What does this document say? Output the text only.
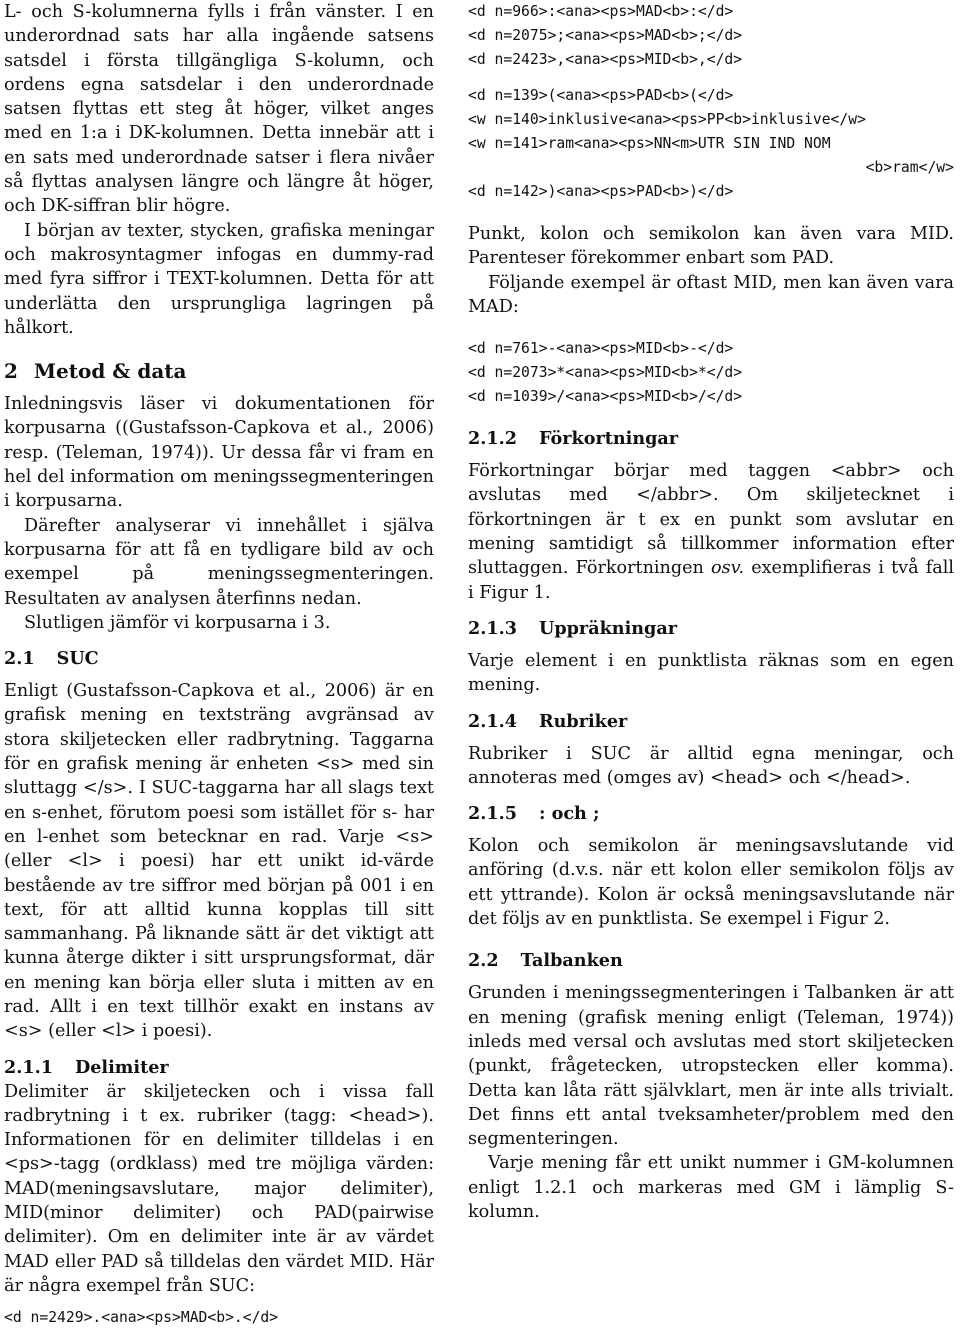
L- och S-kolumnerna fylls i från vänster. I en underordnad sats har alla ingående satsens satsdel i första tillgängliga S-kolumn, och ordens egna satsdelar i den underordnade satsen flyttas ett steg åt höger, vilket anges med en 1:a i DK-kolumnen. Detta innebär att i en sats med underordnade satser i flera nivåer så flyttas analysen längre och längre åt höger, och DK-siffran blir högre.

I början av texter, stycken, grafiska meningar och makrosyntagmer infogas en dummy-rad med fyra siffror i TEXT-kolumnen. Detta för att underlätta den ursprungliga lagringen på hålkort.

2 Metod & data

Inledningsvis läser vi dokumentationen för korpusarna ((Gustafsson-Capkova et al., 2006) resp. (Teleman, 1974)). Ur dessa får vi fram en hel del information om meningssegmenteringen i korpusarna.

Därefter analyserar vi innehållet i själva korpusarna för att få en tydligare bild av och exempel på meningssegmenteringen. Resultaten av analysen återfinns nedan.

Slutligen jämför vi korpusarna i 3.

2.1 SUC

Enligt (Gustafsson-Capkova et al., 2006) är en grafisk mening en textsträng avgränsad av stora skiljetecken eller radbrytning. Taggarna för en grafisk mening är enheten <s> med sin sluttagg </s>. I SUC-taggarna har all slags text en s-enhet, förutom poesi som istället för s- har en l-enhet som betecknar en rad. Varje <s> (eller <l> i poesi) har ett unikt id-värde bestående av tre siffror med början på 001 i en text, för att alltid kunna kopplas till sitt sammanhang. På liknande sätt är det viktigt att kunna återge dikter i sitt ursprungsformat, där en mening kan börja eller sluta i mitten av en rad. Allt i en text tillhör exakt en instans av <s> (eller <l> i poesi).

2.1.1 Delimiter

Delimiter är skiljetecken och i vissa fall radbrytning i t ex. rubriker (tagg: <head>). Informationen för en delimiter tilldelas i en <ps>-tagg (ordklass) med tre möjliga värden: MAD(meningsavslutare, major delimiter), MID(minor delimiter) och PAD(pairwise delimiter). Om en delimiter inte är av värdet MAD eller PAD så tilldelas den värdet MID. Här är några exempel från SUC:

<d n=2429>.<ana><ps>MAD<b>.</d>
<d n=966>:<ana><ps>MAD<b>:</d>
<d n=2075>;<ana><ps>MAD<b>;</d>
<d n=2423>,<ana><ps>MID<b>,</d>
<d n=139>(<ana><ps>PAD<b>(</d>
<w n=140>inklusive<ana><ps>PP<b>inklusive</w>
<w n=141>ram<ana><ps>NN<m>UTR SIN IND NOM
<b>ram</w>
<d n=142>)<ana><ps>PAD<b>)</d>

Punkt, kolon och semikolon kan även vara MID. Parenteser förekommer enbart som PAD.

Följande exempel är oftast MID, men kan även vara MAD:

<d n=761>-<ana><ps>MID<b>-</d>
<d n=2073>*<ana><ps>MID<b>*</d>
<d n=1039>/<ana><ps>MID<b>/</d>
2.1.2 Förkortningar

Förkortningar börjar med taggen <abbr> och avslutas med </abbr>. Om skiljetecknet i förkortningen är t ex en punkt som avslutar en mening samtidigt så tillkommer information efter sluttaggen. Förkortningen osv. exemplifieras i två fall i Figur 1.

2.1.3 Uppräkningar

Varje element i en punktlista räknas som en egen mening.

2.1.4 Rubriker

Rubriker i SUC är alltid egna meningar, och annoteras med (omges av) <head> och </head>.

2.1.5 : och ;

Kolon och semikolon är meningsavslutande vid anföring (d.v.s. när ett kolon eller semikolon följs av ett yttrande). Kolon är också meningsavslutande när det följs av en punktlista. Se exempel i Figur 2.

2.2 Talbanken

Grunden i meningssegmenteringen i Talbanken är att en mening (grafisk mening enligt (Teleman, 1974)) inleds med versal och avslutas med stort skiljetecken (punkt, frågetecken, utropstecken eller komma). Detta kan låta rätt självklart, men är inte alls trivialt. Det finns ett antal tveksamheter/problem med den segmenteringen.

Varje mening får ett unikt nummer i GM-kolumnen enligt 1.2.1 och markeras med GM i lämplig S-kolumn.
